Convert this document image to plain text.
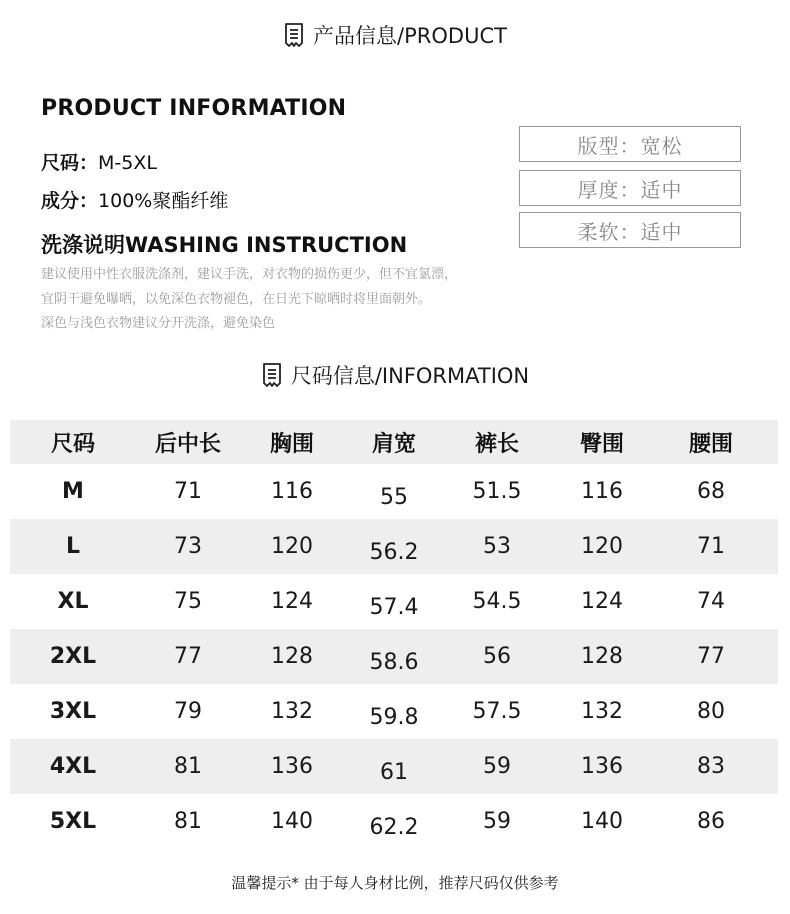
产品信息/PRODUCT
PRODUCT INFORMATION
尺码：M-5XL
成分：100%聚酯纤维
洗涤说明WASHING INSTRUCTION
建议使用中性衣服洗涤剂，建议手洗，对衣物的损伤更少，但不宜氯漂，
宜阴干避免曝晒，以免深色衣物褪色，在日光下晾晒时将里面朝外。
深色与浅色衣物建议分开洗涤，避免染色
版型：宽松
厚度：适中
柔软：适中
尺码信息/INFORMATION
尺码	后中长	胸围	肩宽	裤长	臀围	腰围
M	71	116	55	51.5	116	68
L	73	120	56.2	53	120	71
XL	75	124	57.4	54.5	124	74
2XL	77	128	58.6	56	128	77
3XL	79	132	59.8	57.5	132	80
4XL	81	136	61	59	136	83
5XL	81	140	62.2	59	140	86
温馨提示* 由于每人身材比例，推荐尺码仅供参考
